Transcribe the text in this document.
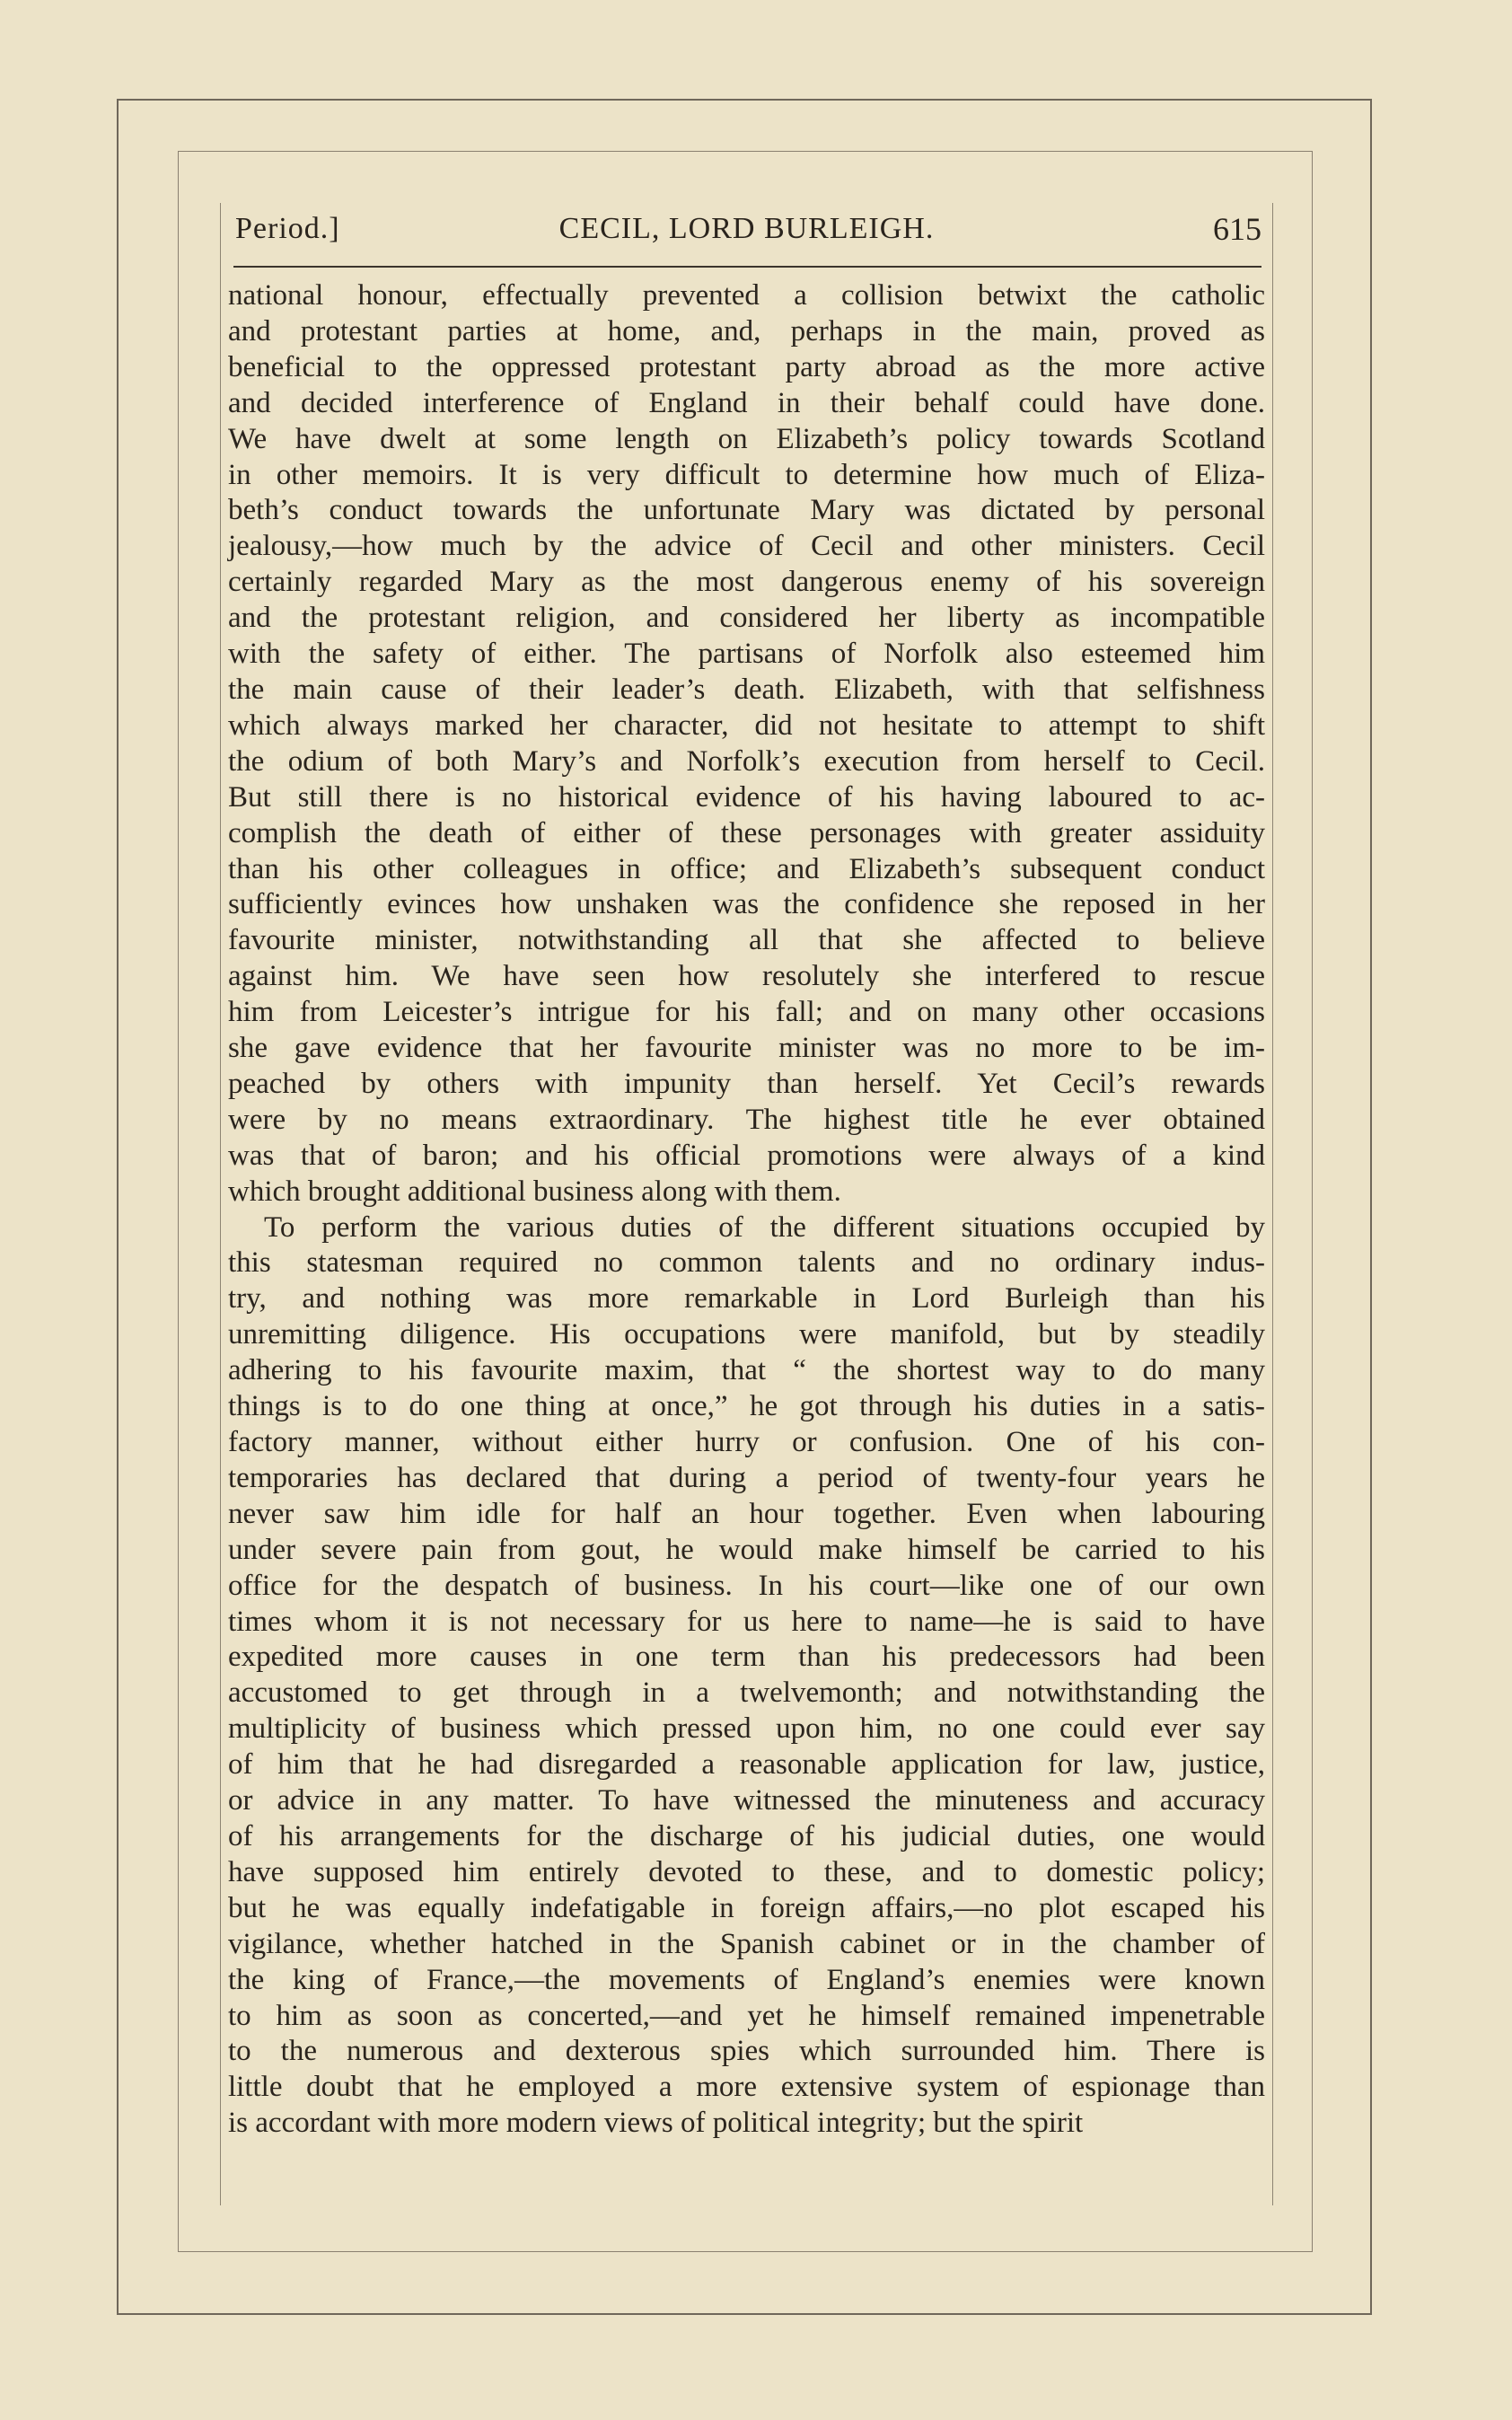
Period.]	CECIL, LORD BURLEIGH.	615
national honour, effectually prevented a collision betwixt the catholic
and protestant parties at home, and, perhaps in the main, proved as
beneficial to the oppressed protestant party abroad as the more active
and decided interference of England in their behalf could have done.
We have dwelt at some length on Elizabeth’s policy towards Scotland
in other memoirs. It is very difficult to determine how much of Eliza-
beth’s conduct towards the unfortunate Mary was dictated by personal
jealousy,—how much by the advice of Cecil and other ministers. Cecil
certainly regarded Mary as the most dangerous enemy of his sovereign
and the protestant religion, and considered her liberty as incompatible
with the safety of either. The partisans of Norfolk also esteemed him
the main cause of their leader’s death. Elizabeth, with that selfishness
which always marked her character, did not hesitate to attempt to shift
the odium of both Mary’s and Norfolk’s execution from herself to Cecil.
But still there is no historical evidence of his having laboured to ac-
complish the death of either of these personages with greater assiduity
than his other colleagues in office; and Elizabeth’s subsequent conduct
sufficiently evinces how unshaken was the confidence she reposed in her
favourite minister, notwithstanding all that she affected to believe
against him. We have seen how resolutely she interfered to rescue
him from Leicester’s intrigue for his fall; and on many other occasions
she gave evidence that her favourite minister was no more to be im-
peached by others with impunity than herself. Yet Cecil’s rewards
were by no means extraordinary. The highest title he ever obtained
was that of baron; and his official promotions were always of a kind
which brought additional business along with them.
To perform the various duties of the different situations occupied by
this statesman required no common talents and no ordinary indus-
try, and nothing was more remarkable in Lord Burleigh than his
unremitting diligence. His occupations were manifold, but by steadily
adhering to his favourite maxim, that “ the shortest way to do many
things is to do one thing at once,” he got through his duties in a satis-
factory manner, without either hurry or confusion. One of his con-
temporaries has declared that during a period of twenty-four years he
never saw him idle for half an hour together. Even when labouring
under severe pain from gout, he would make himself be carried to his
office for the despatch of business. In his court—like one of our own
times whom it is not necessary for us here to name—he is said to have
expedited more causes in one term than his predecessors had been
accustomed to get through in a twelvemonth; and notwithstanding the
multiplicity of business which pressed upon him, no one could ever say
of him that he had disregarded a reasonable application for law, justice,
or advice in any matter. To have witnessed the minuteness and accuracy
of his arrangements for the discharge of his judicial duties, one would
have supposed him entirely devoted to these, and to domestic policy;
but he was equally indefatigable in foreign affairs,—no plot escaped his
vigilance, whether hatched in the Spanish cabinet or in the chamber of
the king of France,—the movements of England’s enemies were known
to him as soon as concerted,—and yet he himself remained impenetrable
to the numerous and dexterous spies which surrounded him. There is
little doubt that he employed a more extensive system of espionage than
is accordant with more modern views of political integrity; but the spirit
